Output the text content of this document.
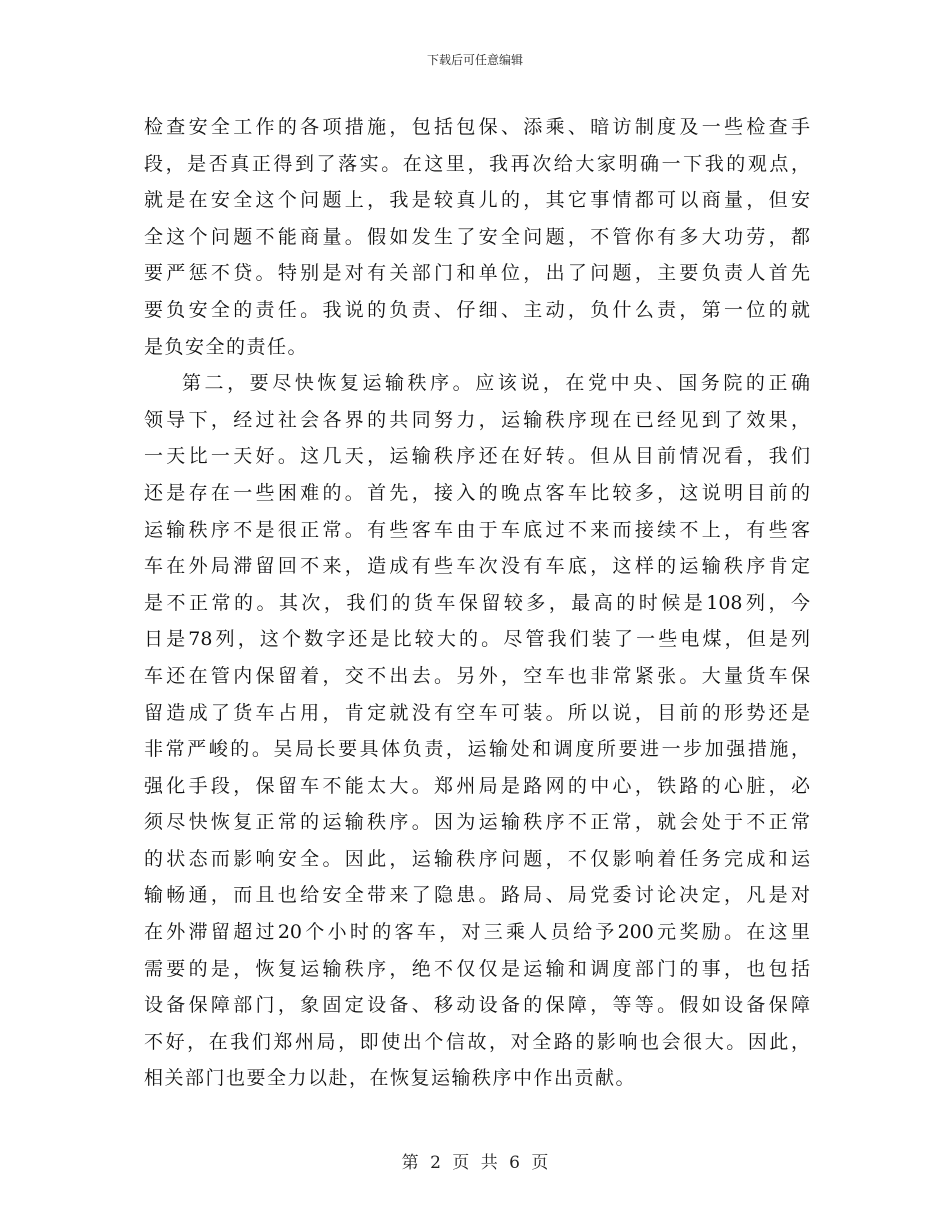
下载后可任意编辑
检查安全工作的各项措施，包括包保、添乘、暗访制度及一些检查手
段，是否真正得到了落实。在这里，我再次给大家明确一下我的观点，
就是在安全这个问题上，我是较真儿的，其它事情都可以商量，但安
全这个问题不能商量。假如发生了安全问题，不管你有多大功劳，都
要严惩不贷。特别是对有关部门和单位，出了问题，主要负责人首先
要负安全的责任。我说的负责、仔细、主动，负什么责，第一位的就
是负安全的责任。
第二，要尽快恢复运输秩序。应该说，在党中央、国务院的正确
领导下，经过社会各界的共同努力，运输秩序现在已经见到了效果，
一天比一天好。这几天，运输秩序还在好转。但从目前情况看，我们
还是存在一些困难的。首先，接入的晚点客车比较多，这说明目前的
运输秩序不是很正常。有些客车由于车底过不来而接续不上，有些客
车在外局滞留回不来，造成有些车次没有车底，这样的运输秩序肯定
是不正常的。其次，我们的货车保留较多，最高的时候是108列，今
日是78列，这个数字还是比较大的。尽管我们装了一些电煤，但是列
车还在管内保留着，交不出去。另外，空车也非常紧张。大量货车保
留造成了货车占用，肯定就没有空车可装。所以说，目前的形势还是
非常严峻的。吴局长要具体负责，运输处和调度所要进一步加强措施，
强化手段，保留车不能太大。郑州局是路网的中心，铁路的心脏，必
须尽快恢复正常的运输秩序。因为运输秩序不正常，就会处于不正常
的状态而影响安全。因此，运输秩序问题，不仅影响着任务完成和运
输畅通，而且也给安全带来了隐患。路局、局党委讨论决定，凡是对
在外滞留超过20个小时的客车，对三乘人员给予200元奖励。在这里
需要的是，恢复运输秩序，绝不仅仅是运输和调度部门的事，也包括
设备保障部门，象固定设备、移动设备的保障，等等。假如设备保障
不好，在我们郑州局，即使出个信故，对全路的影响也会很大。因此，
相关部门也要全力以赴，在恢复运输秩序中作出贡献。
第 2 页 共 6 页
